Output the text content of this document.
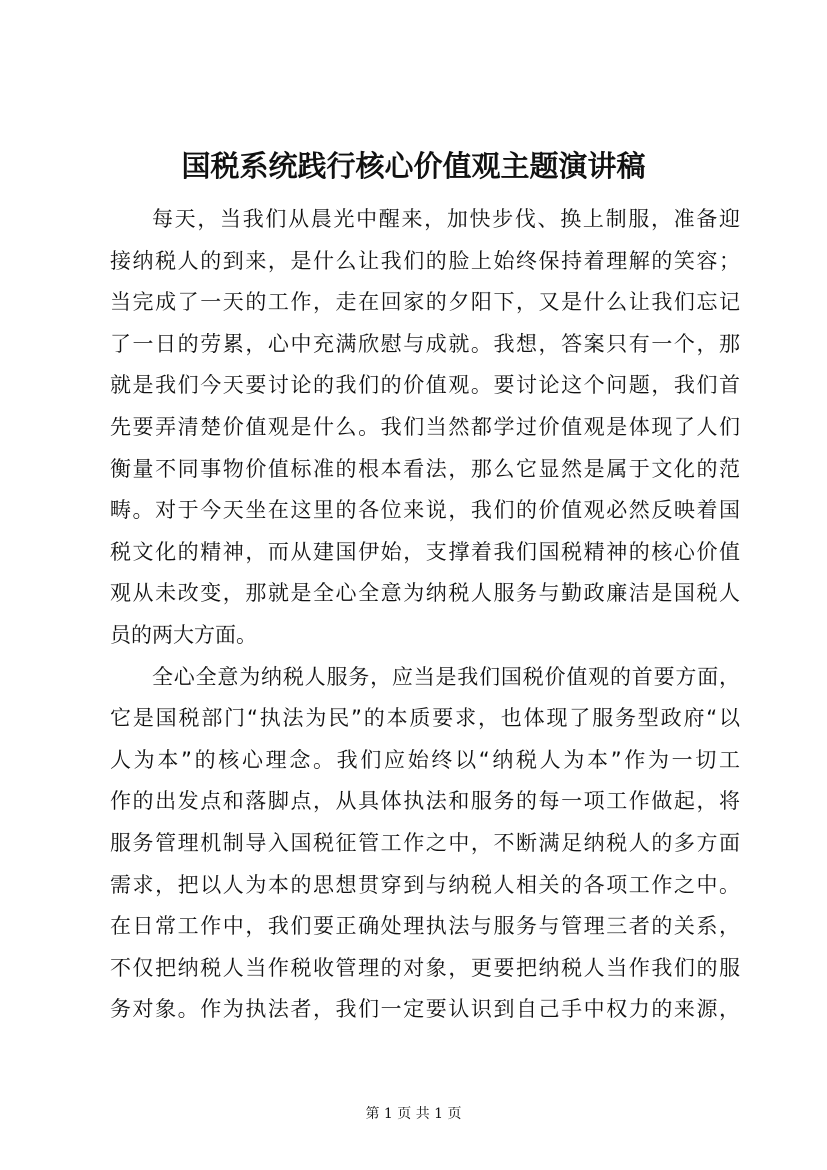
国税系统践行核心价值观主题演讲稿
每天，当我们从晨光中醒来，加快步伐、换上制服，准备迎
接纳税人的到来，是什么让我们的脸上始终保持着理解的笑容；
当完成了一天的工作，走在回家的夕阳下，又是什么让我们忘记
了一日的劳累，心中充满欣慰与成就。我想，答案只有一个，那
就是我们今天要讨论的我们的价值观。要讨论这个问题，我们首
先要弄清楚价值观是什么。我们当然都学过价值观是体现了人们
衡量不同事物价值标准的根本看法，那么它显然是属于文化的范
畴。对于今天坐在这里的各位来说，我们的价值观必然反映着国
税文化的精神，而从建国伊始，支撑着我们国税精神的核心价值
观从未改变，那就是全心全意为纳税人服务与勤政廉洁是国税人
员的两大方面。
全心全意为纳税人服务，应当是我们国税价值观的首要方面，
它是国税部门“执法为民”的本质要求，也体现了服务型政府“以
人为本”的核心理念。我们应始终以“纳税人为本”作为一切工
作的出发点和落脚点，从具体执法和服务的每一项工作做起，将
服务管理机制导入国税征管工作之中，不断满足纳税人的多方面
需求，把以人为本的思想贯穿到与纳税人相关的各项工作之中。
在日常工作中，我们要正确处理执法与服务与管理三者的关系，
不仅把纳税人当作税收管理的对象，更要把纳税人当作我们的服
务对象。作为执法者，我们一定要认识到自己手中权力的来源，
第 1 页 共 1 页
